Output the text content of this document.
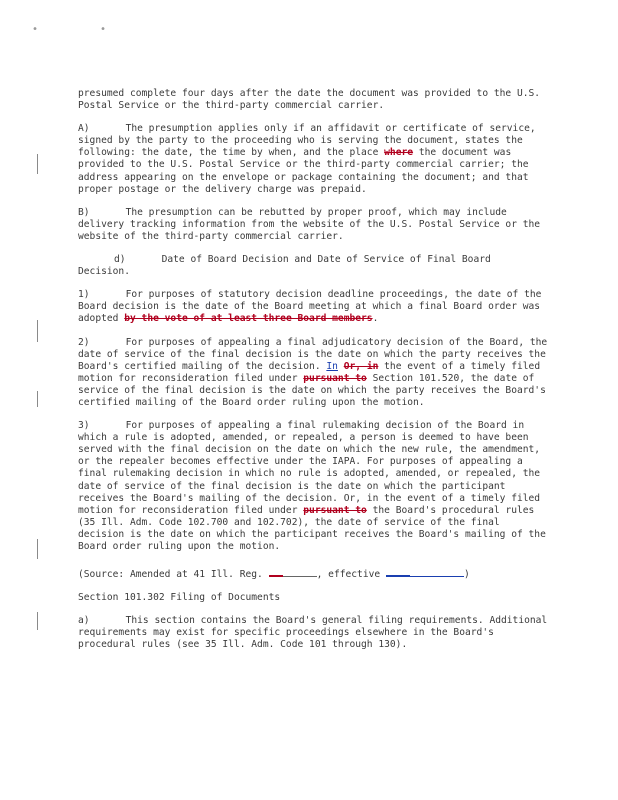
• •

presumed complete four days after the date the document was provided to the U.S. Postal Service or the third-party commercial carrier.

A)	The presumption applies only if an affidavit or certificate of service, signed by the party to the proceeding who is serving the document, states the following: the date, the time by when, and the place where the document was provided to the U.S. Postal Service or the third-party commercial carrier; the address appearing on the envelope or package containing the document; and that proper postage or the delivery charge was prepaid.

B)	The presumption can be rebutted by proper proof, which may include delivery tracking information from the website of the U.S. Postal Service or the website of the third-party commercial carrier.

d)	Date of Board Decision and Date of Service of Final Board Decision.

1)	For purposes of statutory decision deadline proceedings, the date of the Board decision is the date of the Board meeting at which a final Board order was adopted by the vote of at least three Board members.

2)	For purposes of appealing a final adjudicatory decision of the Board, the date of service of the final decision is the date on which the party receives the Board's certified mailing of the decision. In Or, in the event of a timely filed motion for reconsideration filed under pursuant to Section 101.520, the date of service of the final decision is the date on which the party receives the Board's certified mailing of the Board order ruling upon the motion.

3)	For purposes of appealing a final rulemaking decision of the Board in which a rule is adopted, amended, or repealed, a person is deemed to have been served with the final decision on the date on which the new rule, the amendment, or the repealer becomes effective under the IAPA. For purposes of appealing a final rulemaking decision in which no rule is adopted, amended, or repealed, the date of service of the final decision is the date on which the participant receives the Board's mailing of the decision. Or, in the event of a timely filed motion for reconsideration filed under pursuant to the Board's procedural rules (35 Ill. Adm. Code 102.700 and 102.702), the date of service of the final decision is the date on which the participant receives the Board's mailing of the Board order ruling upon the motion.

(Source: Amended at 41 Ill. Reg.	, effective	)

Section 101.302 Filing of Documents

a)	This section contains the Board's general filing requirements. Additional requirements may exist for specific proceedings elsewhere in the Board's procedural rules (see 35 Ill. Adm. Code 101 through 130).
